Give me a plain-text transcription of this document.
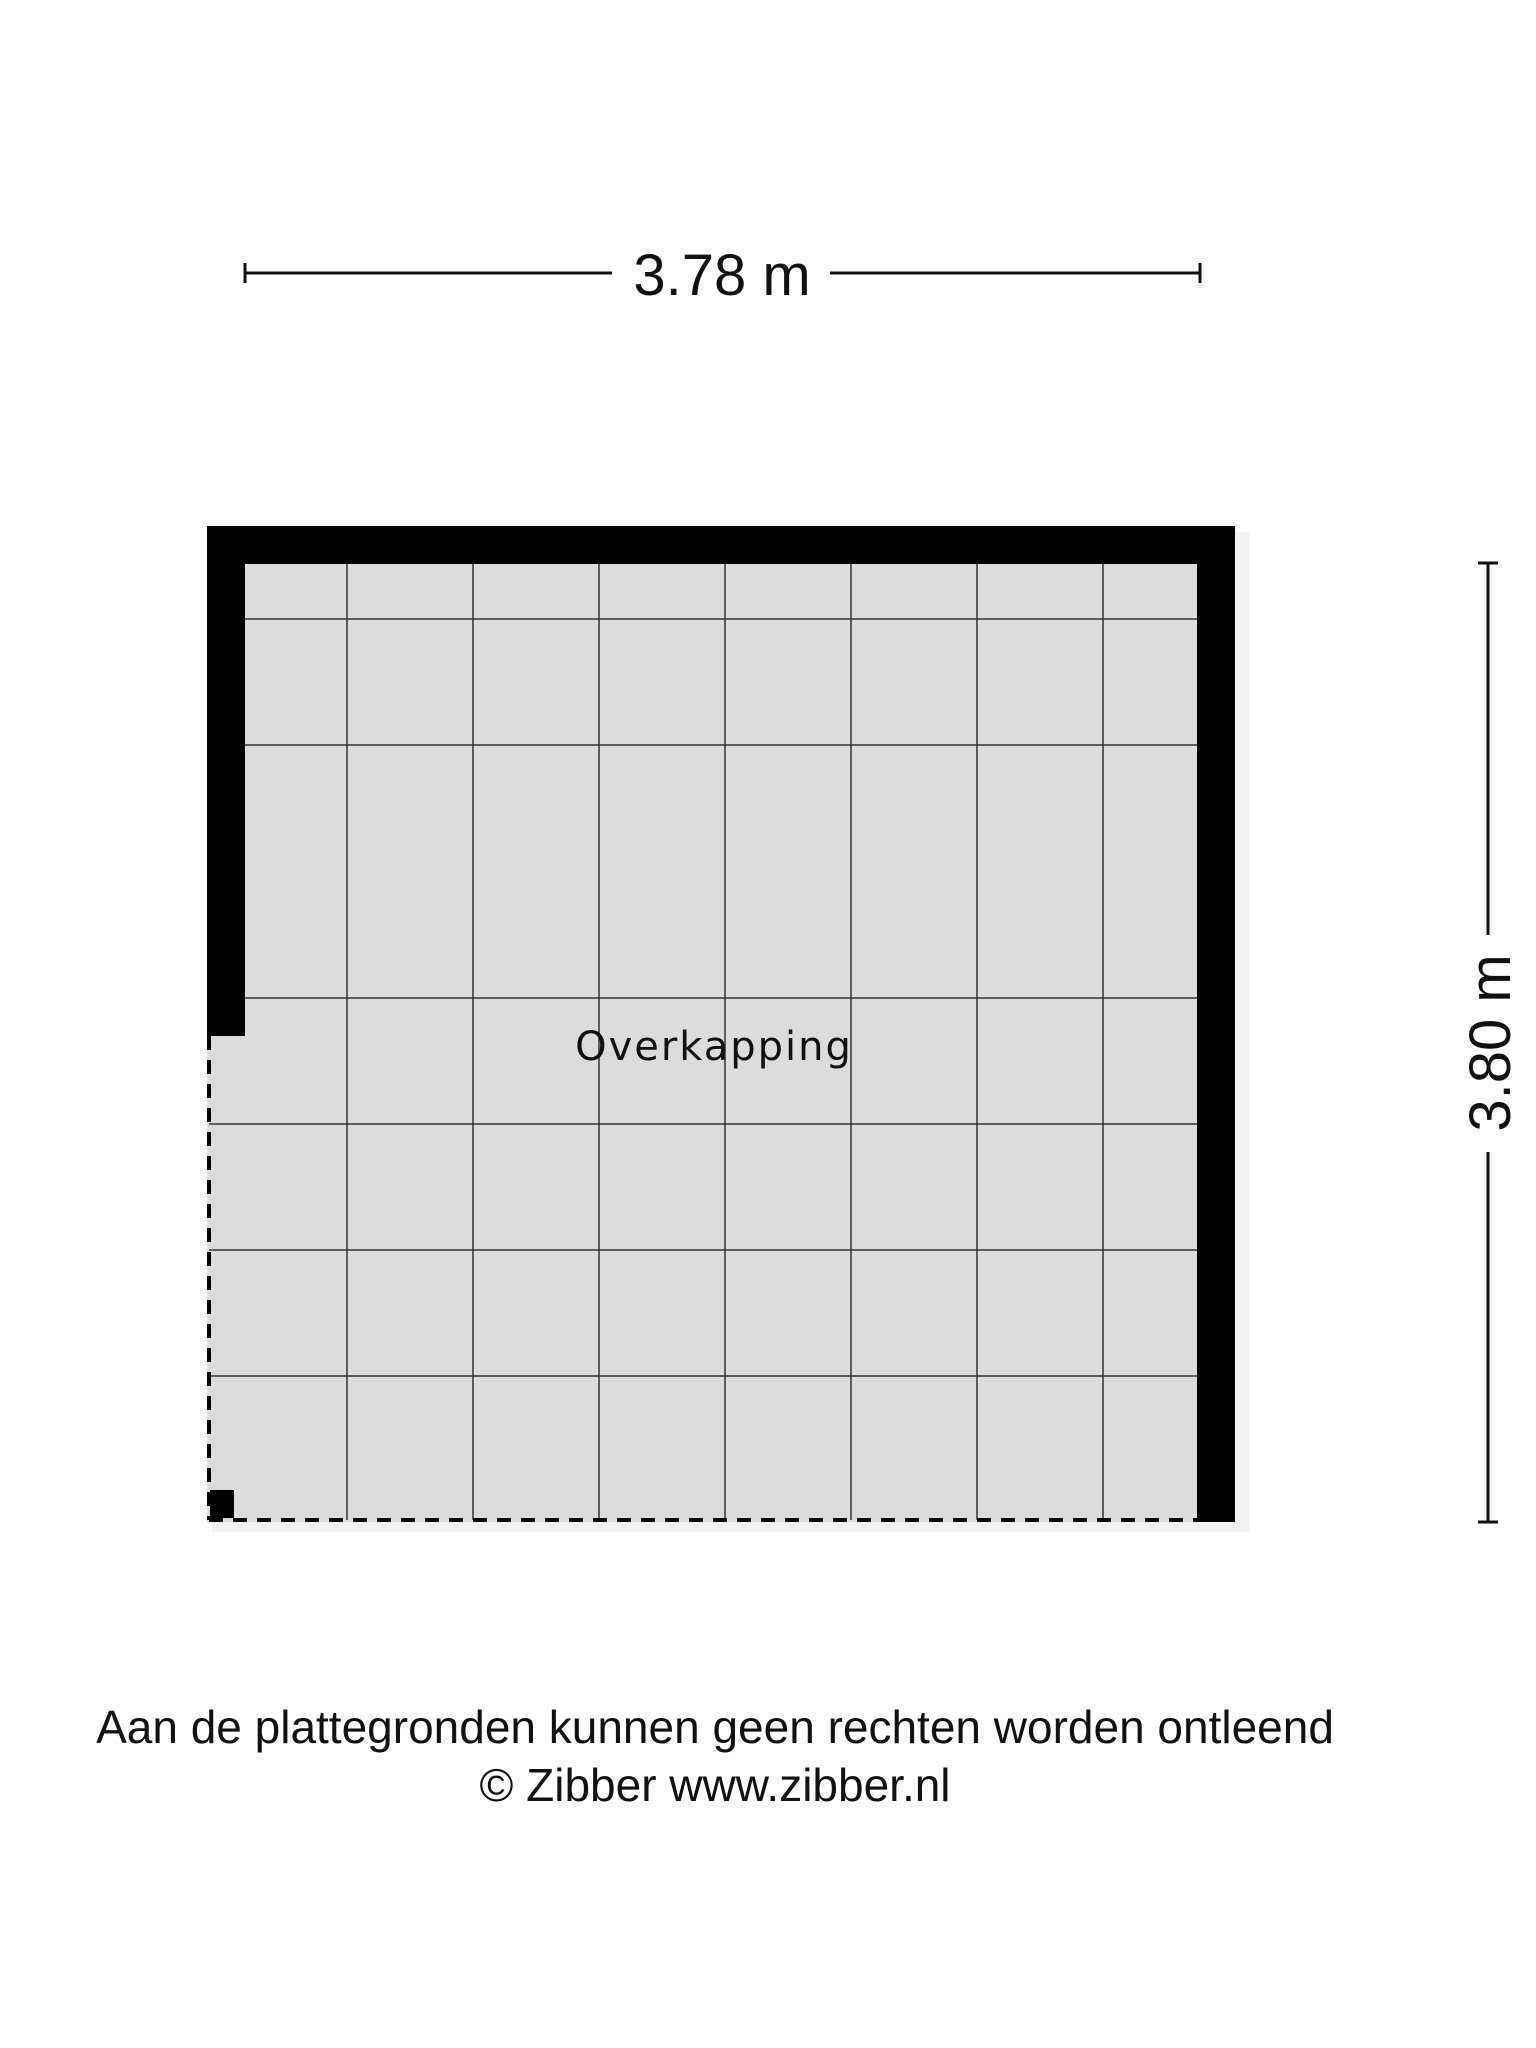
3.78 m
3.80 m
Overkapping
Aan de plattegronden kunnen geen rechten worden ontleend
© Zibber www.zibber.nl
